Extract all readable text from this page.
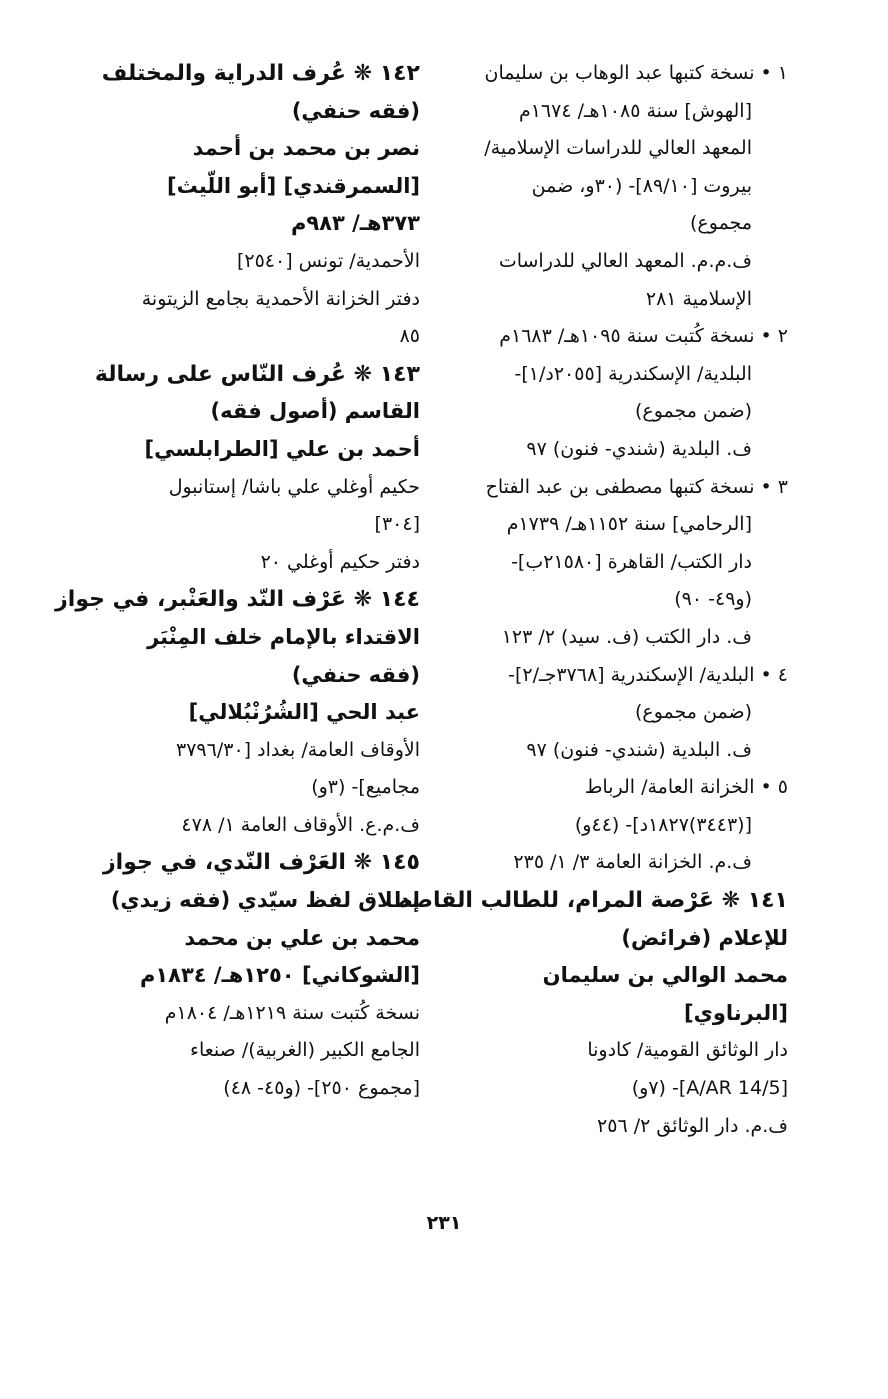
١ • نسخة كتبها عبد الوهاب بن سليمان
[الهوش] سنة ١٠٨٥هـ/ ١٦٧٤م
المعهد العالي للدراسات الإسلامية/
بيروت [٨٩/١٠]- (٣٠و، ضمن
مجموع)
ف.م.م. المعهد العالي للدراسات
الإسلامية ٢٨١
٢ • نسخة كُتبت سنة ١٠٩٥هـ/ ١٦٨٣م
البلدية/ الإسكندرية [٢٠٥٥د/١]-
(ضمن مجموع)
ف. البلدية (شندي- فنون) ٩٧
٣ • نسخة كتبها مصطفى بن عبد الفتاح
[الرحامي] سنة ١١٥٢هـ/ ١٧٣٩م
دار الكتب/ القاهرة [٢١٥٨٠ب]-
(و٤٩- ٩٠)
ف. دار الكتب (ف. سيد) ٢/ ١٢٣
٤ • البلدية/ الإسكندرية [٣٧٦٨جـ/٢]-
(ضمن مجموع)
ف. البلدية (شندي- فنون) ٩٧
٥ • الخزانة العامة/ الرباط
[(٣٤٤٣)١٨٢٧د]- (٤٤و)
ف.م. الخزانة العامة ٣/ ١/ ٢٣٥
١٤١ ❋ عَرْصة المرام، للطالب القاصد
للإعلام (فرائض)
محمد الوالي بن سليمان
[البرناوي]
دار الوثائق القومية/ كادونا
[A/AR 14/5]- (٧و)
ف.م. دار الوثائق ٢/ ٢٥٦
١٤٢ ❋ عُرف الدراية والمختلف
(فقه حنفي)
نصر بن محمد بن أحمد
[السمرقندي] [أبو اللّيث]
٣٧٣هـ/ ٩٨٣م
الأحمدية/ تونس [٢٥٤٠]
دفتر الخزانة الأحمدية بجامع الزيتونة
٨٥
١٤٣ ❋ عُرف النّاس على رسالة
القاسم (أصول فقه)
أحمد بن علي [الطرابلسي]
حكيم أوغلي علي باشا/ إستانبول
[٣٠٤]
دفتر حكيم أوغلي ٢٠
١٤٤ ❋ عَرْف النّد والعَنْبر، في جواز
الاقتداء بالإمام خلف المِنْبَر
(فقه حنفي)
عبد الحي [الشُرُنْبُلالي]
الأوقاف العامة/ بغداد [٣٧٩٦/٣٠
مجاميع]- (٣و)
ف.م.ع. الأوقاف العامة ١/ ٤٧٨
١٤٥ ❋ العَرْف النّدي، في جواز
إطلاق لفظ سيّدي (فقه زيدي)
محمد بن علي بن محمد
[الشوكاني] ١٢٥٠هـ/ ١٨٣٤م
نسخة كُتبت سنة ١٢١٩هـ/ ١٨٠٤م
الجامع الكبير (الغربية)/ صنعاء
[مجموع ٢٥٠]- (و٤٥- ٤٨)
٢٣١
